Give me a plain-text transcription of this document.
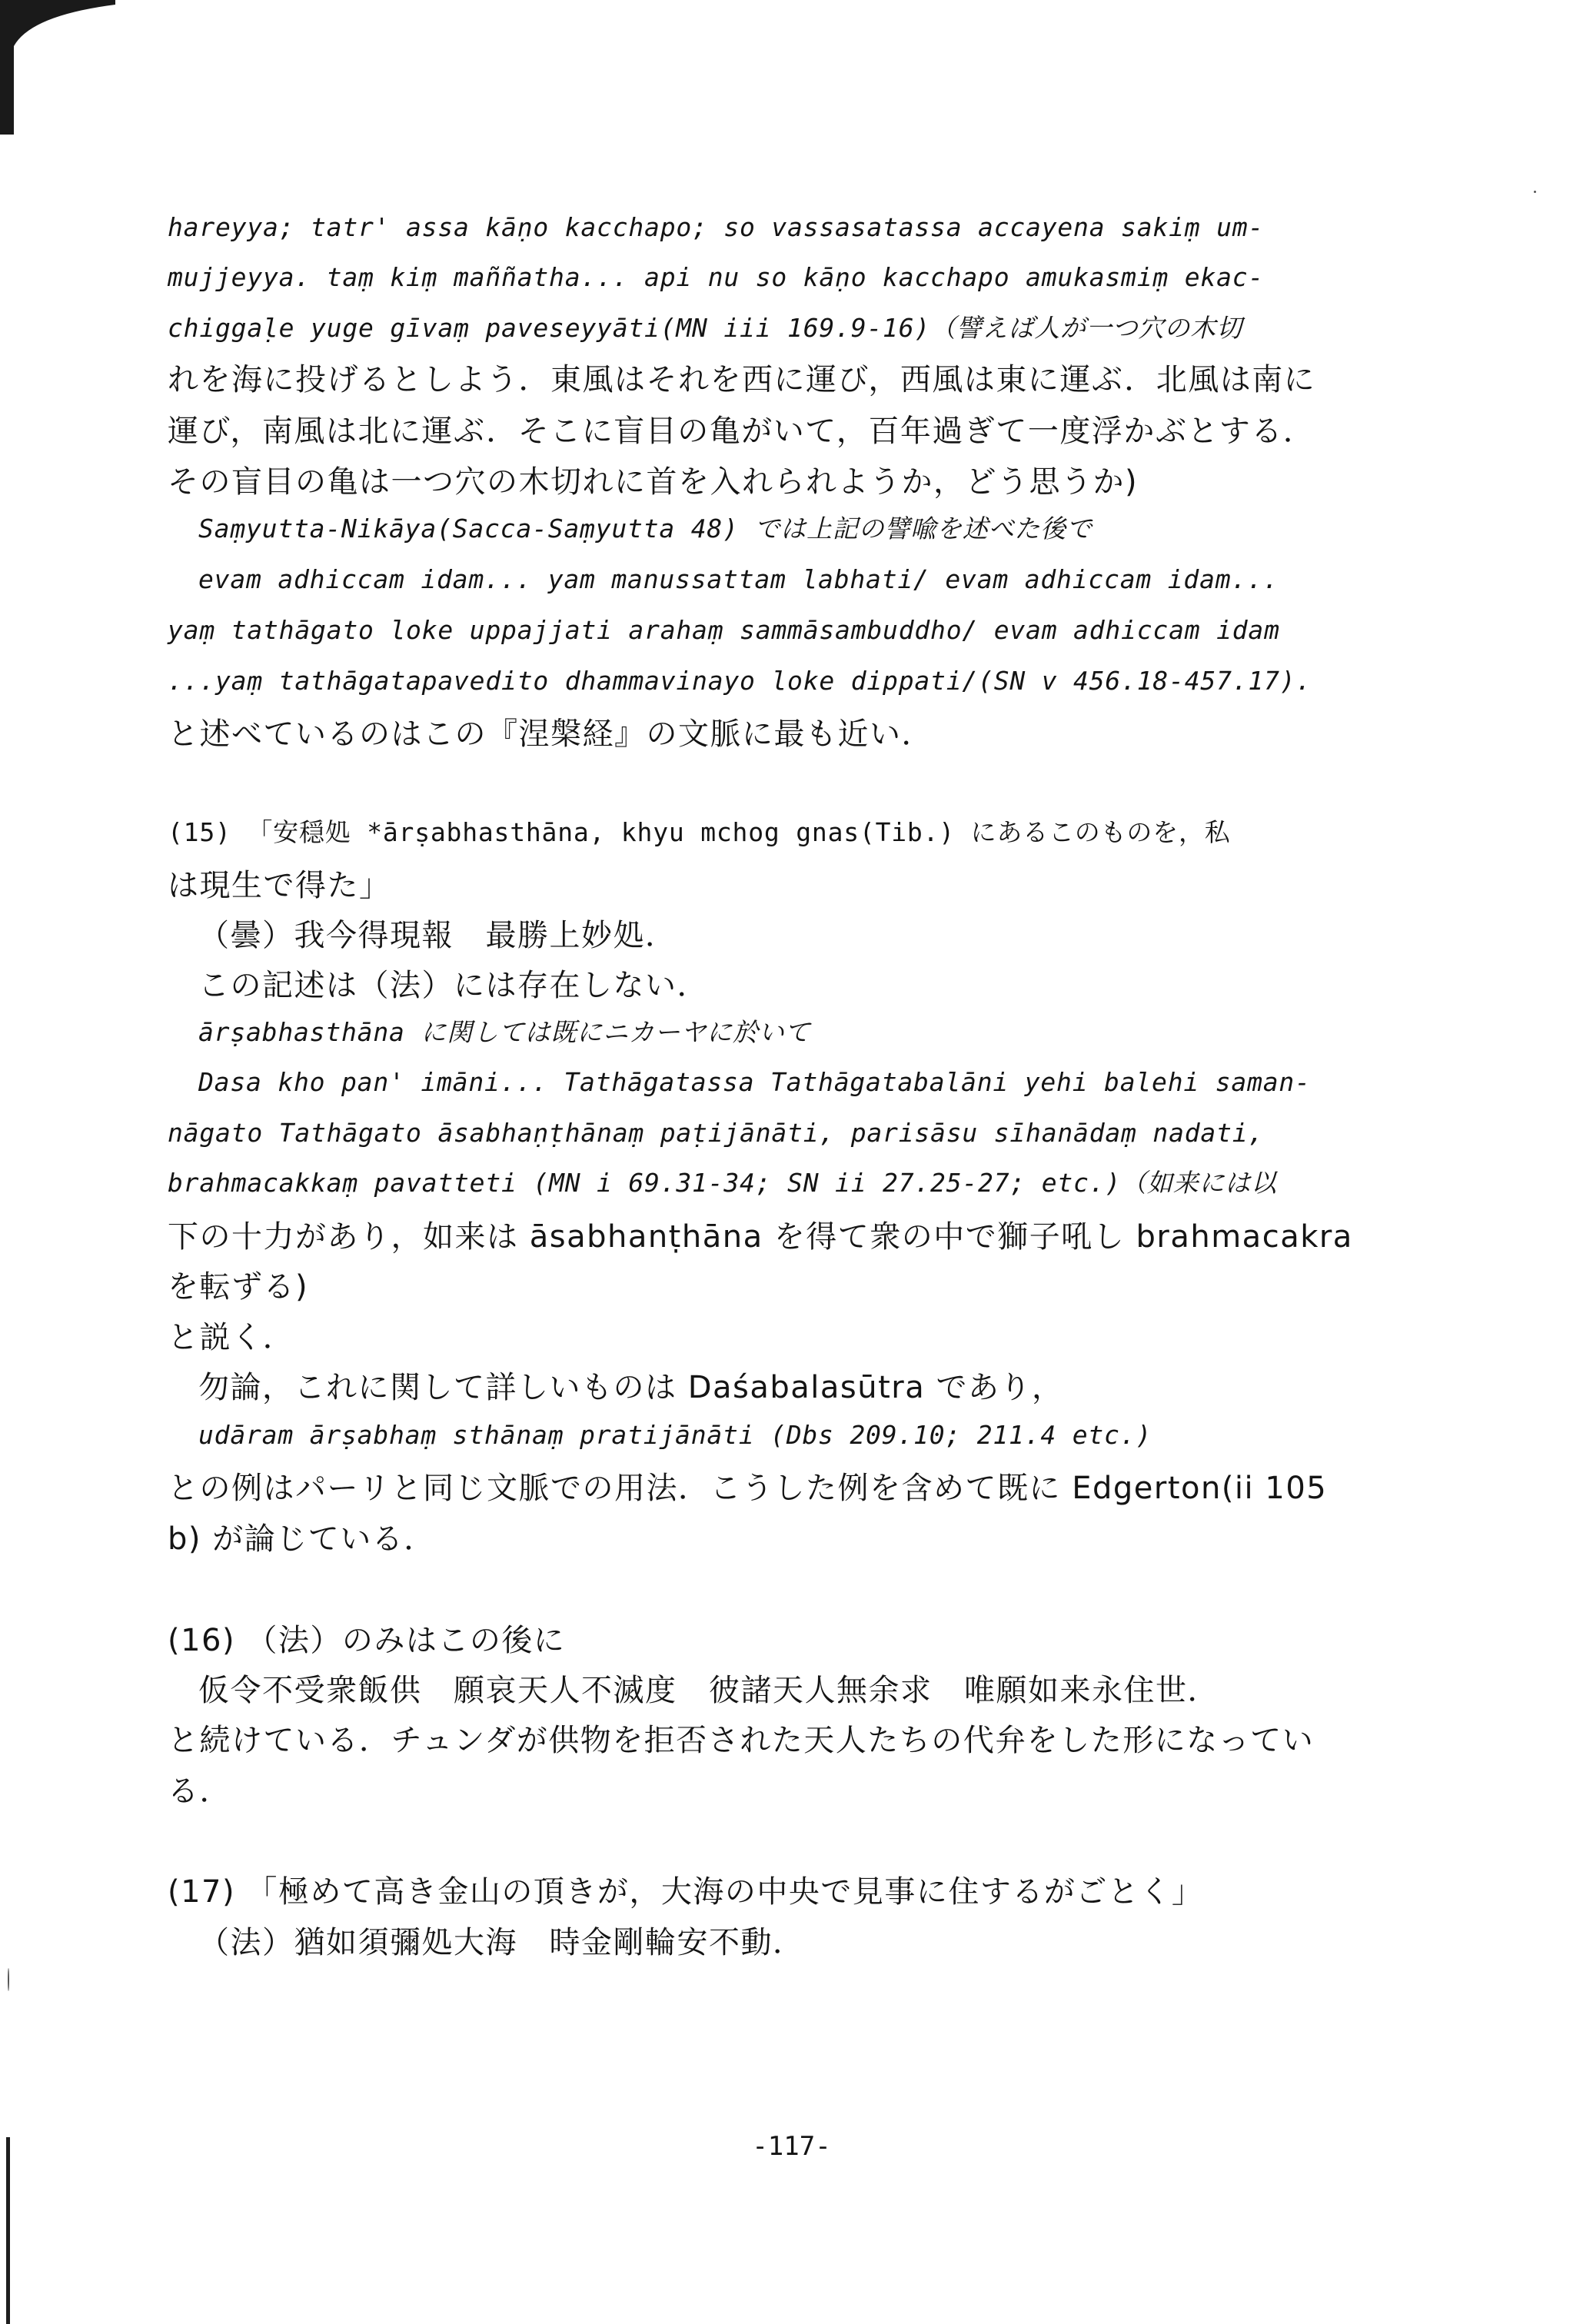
hareyya; tatr' assa kāṇo kacchapo; so vassasatassa accayena sakiṃ um-
mujjeyya. taṃ kiṃ maññatha... api nu so kāṇo kacchapo amukasmiṃ ekac-
chiggaḷe yuge gīvaṃ paveseyyāti(MN iii 169.9-16)（譬えば人が一つ穴の木切
れを海に投げるとしよう．東風はそれを西に運び，西風は東に運ぶ．北風は南に
運び，南風は北に運ぶ．そこに盲目の亀がいて，百年過ぎて一度浮かぶとする．
その盲目の亀は一つ穴の木切れに首を入れられようか，どう思うか)
Saṃyutta-Nikāya(Sacca-Saṃyutta 48) では上記の譬喩を述べた後で
evam adhiccam idam... yam manussattam labhati/ evam adhiccam idam...
yaṃ tathāgato loke uppajjati arahaṃ sammāsambuddho/ evam adhiccam idam
...yaṃ tathāgatapavedito dhammavinayo loke dippati/(SN v 456.18-457.17).
と述べているのはこの『涅槃経』の文脈に最も近い．
(15) 「安穏処 *ārṣabhasthāna, khyu mchog gnas(Tib.) にあるこのものを，私
は現生で得た」
（曇）我今得現報　最勝上妙処．
この記述は（法）には存在しない．
ārṣabhasthāna に関しては既にニカーヤに於いて
Dasa kho pan' imāni... Tathāgatassa Tathāgatabalāni yehi balehi saman-
nāgato Tathāgato āsabhaṇṭhānaṃ paṭijānāti, parisāsu sīhanādaṃ nadati,
brahmacakkaṃ pavatteti (MN i 69.31-34; SN ii 27.25-27; etc.)（如来には以
下の十力があり，如来は āsabhanṭhāna を得て衆の中で獅子吼し brahmacakra
を転ずる)
と説く．
勿論，これに関して詳しいものは Daśabalasūtra であり，
udāram ārṣabhaṃ sthānaṃ pratijānāti (Dbs 209.10; 211.4 etc.)
との例はパーリと同じ文脈での用法．こうした例を含めて既に Edgerton(ii 105
b) が論じている．
(16) （法）のみはこの後に
仮令不受衆飯供　願哀天人不滅度　彼諸天人無余求　唯願如来永住世．
と続けている．チュンダが供物を拒否された天人たちの代弁をした形になってい
る．
(17) 「極めて高き金山の頂きが，大海の中央で見事に住するがごとく」
（法）猶如須彌処大海　時金剛輪安不動．
-117-
